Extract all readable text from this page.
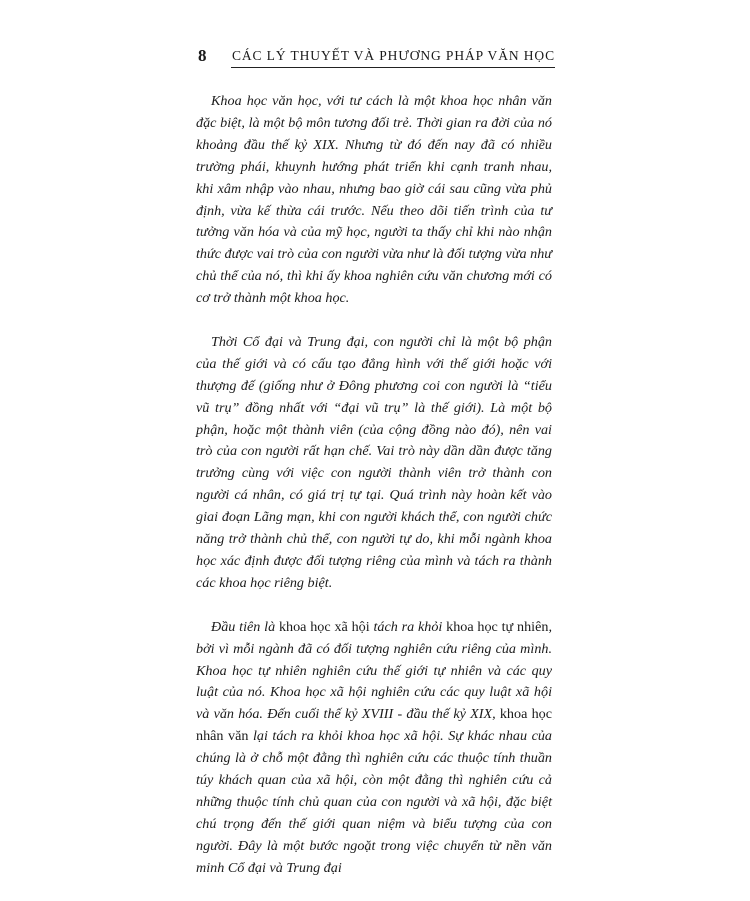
8 CÁC LÝ THUYẾT VÀ PHƯƠNG PHÁP VĂN HỌC

Khoa học văn học, với tư cách là một khoa học nhân văn đặc biệt, là một bộ môn tương đối trẻ. Thời gian ra đời của nó khoảng đầu thế kỷ XIX. Nhưng từ đó đến nay đã có nhiều trường phái, khuynh hướng phát triển khi cạnh tranh nhau, khi xâm nhập vào nhau, nhưng bao giờ cái sau cũng vừa phủ định, vừa kế thừa cái trước. Nếu theo dõi tiến trình của tư tưởng văn hóa và của mỹ học, người ta thấy chỉ khi nào nhận thức được vai trò của con người vừa như là đối tượng vừa như chủ thể của nó, thì khi ấy khoa nghiên cứu văn chương mới có cơ trở thành một khoa học.

Thời Cổ đại và Trung đại, con người chỉ là một bộ phận của thế giới và có cấu tạo đẳng hình với thế giới hoặc với thượng đế (giống như ở Đông phương coi con người là “tiểu vũ trụ” đồng nhất với “đại vũ trụ” là thế giới). Là một bộ phận, hoặc một thành viên (của cộng đồng nào đó), nên vai trò của con người rất hạn chế. Vai trò này dần dần được tăng trưởng cùng với việc con người thành viên trở thành con người cá nhân, có giá trị tự tại. Quá trình này hoàn kết vào giai đoạn Lãng mạn, khi con người khách thể, con người chức năng trở thành chủ thể, con người tự do, khi mỗi ngành khoa học xác định được đối tượng riêng của mình và tách ra thành các khoa học riêng biệt.

Đầu tiên là khoa học xã hội tách ra khỏi khoa học tự nhiên, bởi vì mỗi ngành đã có đối tượng nghiên cứu riêng của mình. Khoa học tự nhiên nghiên cứu thế giới tự nhiên và các quy luật của nó. Khoa học xã hội nghiên cứu các quy luật xã hội và văn hóa. Đến cuối thế kỷ XVIII - đầu thế kỷ XIX, khoa học nhân văn lại tách ra khỏi khoa học xã hội. Sự khác nhau của chúng là ở chỗ một đằng thì nghiên cứu các thuộc tính thuần túy khách quan của xã hội, còn một đằng thì nghiên cứu cả những thuộc tính chủ quan của con người và xã hội, đặc biệt chú trọng đến thế giới quan niệm và biểu tượng của con người. Đây là một bước ngoặt trong việc chuyển từ nền văn minh Cổ đại và Trung đại
